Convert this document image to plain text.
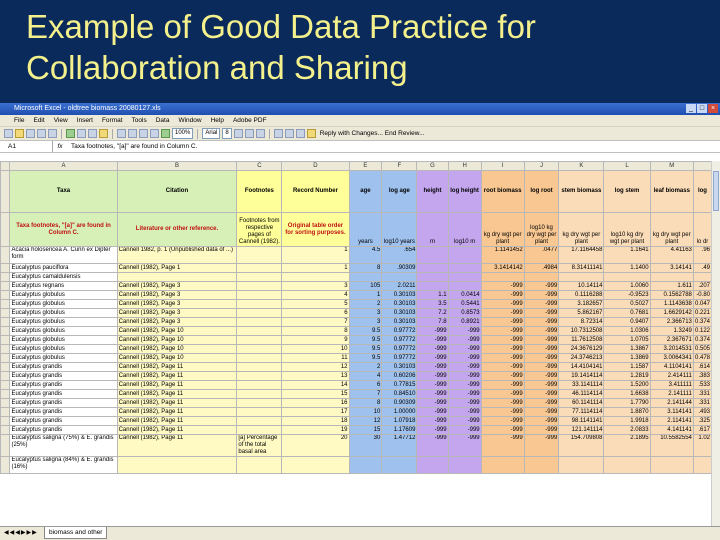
Example of Good Data Practice for
Collaboration and Sharing
Microsoft Excel - oldtree biomass 20080127.xls	_ □ ×
File Edit View Insert Format Tools Data Window Help Adobe PDF
100%	Arial	8	Reply with Changes... End Review...
A1	fx	Taxa footnotes, "[a]" are found in Column C.
	A	B	C	D	E	F	G	H	I	J	K	L	M	
	Taxa	Citation	Footnotes	Record Number	age	log age	height	log height	root biomass	log root	stem biomass	log stem	leaf biomass	log
	Taxa footnotes, "[a]" are found in Column C.	Literature or other reference.	Footnotes from respective pages of Cannell (1982).	Original table order for sorting purposes.	years	log10 years	m	log10 m	kg dry wgt per plant	log10 kg dry wgt per plant	kg dry wgt per plant	log10 kg dry wgt per plant	kg dry wgt per plant	lo dr
	Acacia holosericea A. Cunn ex Dipter form	Cannell 1982, p. 1 (Unpublished data of ...)		1	4.5	.654			1.1141452	.0477	17.1164458	1.1641	4.41163	.96
	Eucalyptus pauciflora	Cannell (1982), Page 1		1	8	.90309			3.1414142	.4984	8.31411141	1.1400	3.14141	.49
	Eucalyptus camaldulensis													
	Eucalyptus regnans	Cannell (1982), Page 3		3	105	2.0211			-999	-999	10.14114	1.0060	1.611	.207
	Eucalyptus globulus	Cannell (1982), Page 3		4	1	0.30103	1.1	0.0414	-999	-999	0.1116288	-0.9523	0.1562788	-0.80
	Eucalyptus globulus	Cannell (1982), Page 3		5	2	0.30103	3.5	0.5441	-999	-999	3.182657	0.5027	1.1143638	0.047
	Eucalyptus globulus	Cannell (1982), Page 3		6	3	0.30103	7.2	0.8573	-999	-999	5.862167	0.7681	1.6629142	0.221
	Eucalyptus globulus	Cannell (1982), Page 3		7	3	0.30103	7.8	0.8921	-999	-999	8.72314	0.9407	2.366713	0.374
	Eucalyptus globulus	Cannell (1982), Page 10		8	9.5	0.97772	-999	-999	-999	-999	10.7312508	1.0306	1.3249	0.122
	Eucalyptus globulus	Cannell (1982), Page 10		9	9.5	0.97772	-999	-999	-999	-999	11.7612508	1.0705	2.367671	0.374
	Eucalyptus globulus	Cannell (1982), Page 10		10	9.5	0.97772	-999	-999	-999	-999	24.3676129	1.3867	3.2014531	0.505
	Eucalyptus globulus	Cannell (1982), Page 10		11	9.5	0.97772	-999	-999	-999	-999	24.3746213	1.3869	3.0064341	0.478
	Eucalyptus grandis	Cannell (1982), Page 11		12	2	0.30103	-999	-999	-999	-999	14.4104141	1.1587	4.1104141	.614
	Eucalyptus grandis	Cannell (1982), Page 11		13	4	0.60206	-999	-999	-999	-999	19.1414114	1.2819	2.414111	.383
	Eucalyptus grandis	Cannell (1982), Page 11		14	6	0.77815	-999	-999	-999	-999	33.1141114	1.5200	3.411111	.533
	Eucalyptus grandis	Cannell (1982), Page 11		15	7	0.84510	-999	-999	-999	-999	46.1114114	1.6638	2.141111	.331
	Eucalyptus grandis	Cannell (1982), Page 11		16	8	0.90309	-999	-999	-999	-999	60.1141114	1.7790	2.141144	.331
	Eucalyptus grandis	Cannell (1982), Page 11		17	10	1.00000	-999	-999	-999	-999	77.1114114	1.8870	3.114141	.493
	Eucalyptus grandis	Cannell (1982), Page 11		18	12	1.07918	-999	-999	-999	-999	98.1141141	1.9918	2.114141	.325
	Eucalyptus grandis	Cannell (1982), Page 11		19	15	1.17609	-999	-999	-999	-999	121.141114	2.0833	4.141141	.617
	Eucalyptus saligna (75%) & E. grandis (25%)	Cannell (1982), Page 11	[a] Percentage of the total basal area	20	30	1.47712	-999	-999	-999	-999	154.709808	2.1895	10.5582554	1.02
	Eucalyptus saligna (84%) & E. grandis (16%)													
◀◀◀▶▶▶	biomass and other
